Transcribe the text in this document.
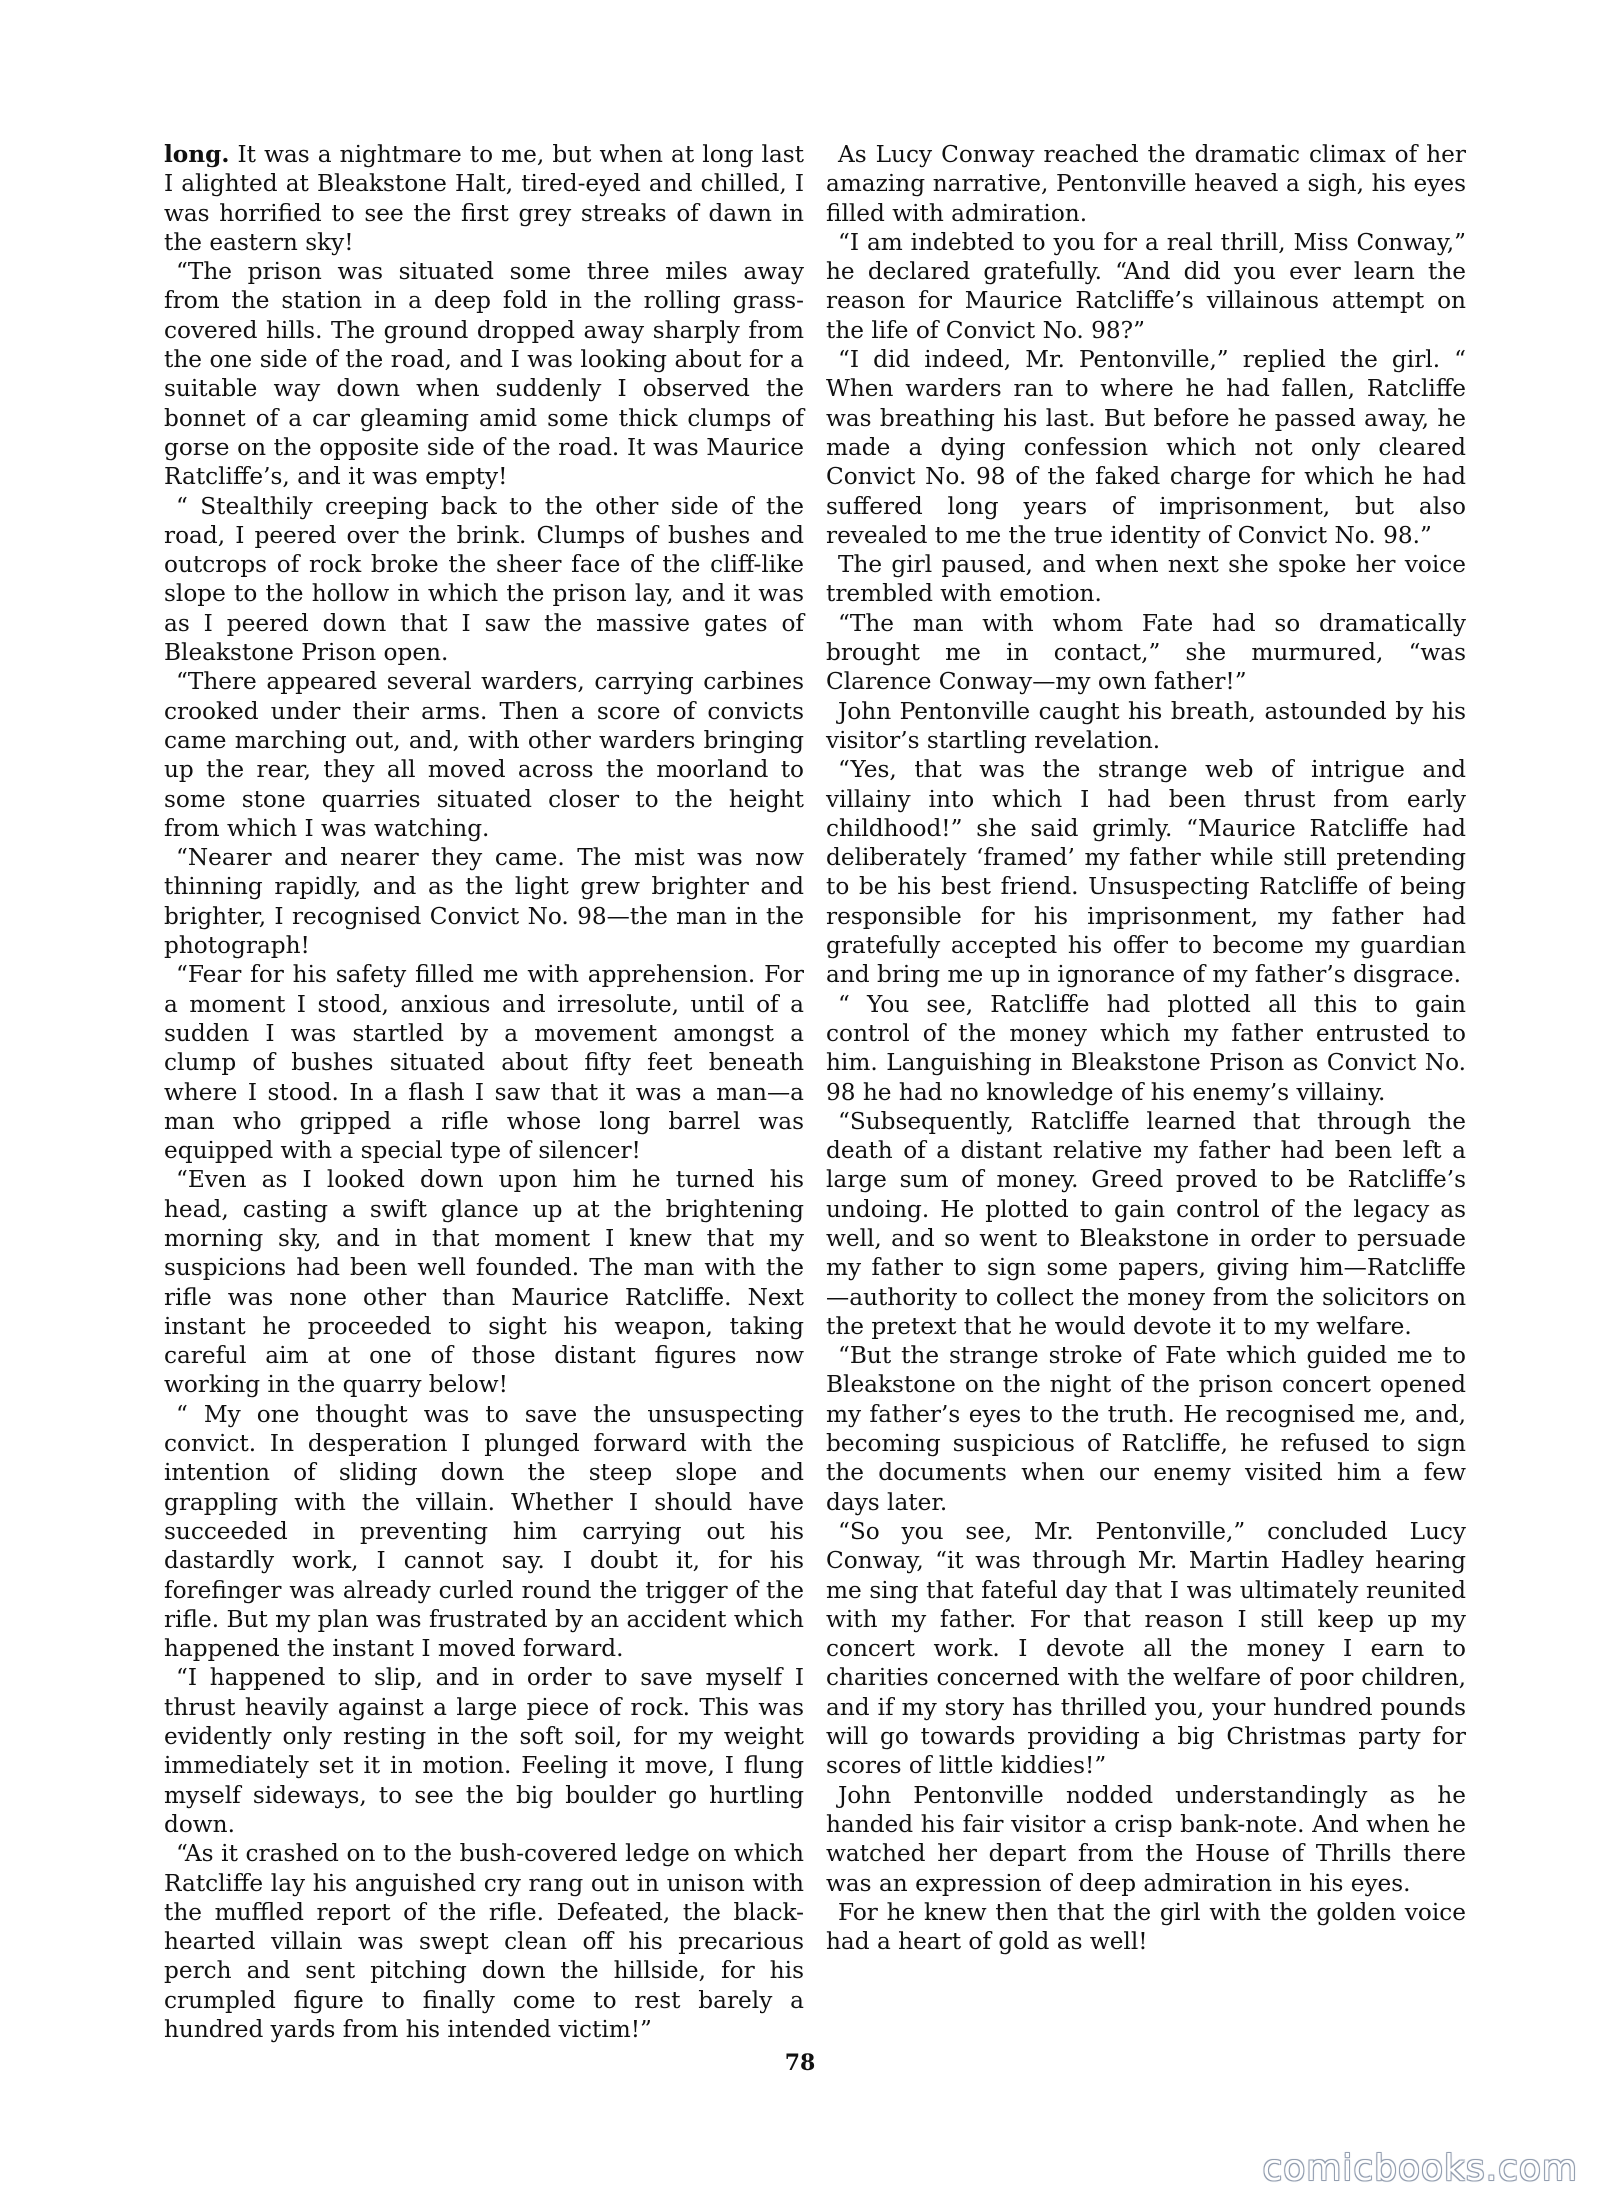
long. It was a nightmare to me, but when at long last I alighted at Bleakstone Halt, tired-eyed and chilled, I was horrified to see the first grey streaks of dawn in the eastern sky!

“The prison was situated some three miles away from the station in a deep fold in the rolling grass-covered hills. The ground dropped away sharply from the one side of the road, and I was looking about for a suitable way down when suddenly I observed the bonnet of a car gleaming amid some thick clumps of gorse on the opposite side of the road. It was Maurice Ratcliffe’s, and it was empty!

“ Stealthily creeping back to the other side of the road, I peered over the brink. Clumps of bushes and outcrops of rock broke the sheer face of the cliff-like slope to the hollow in which the prison lay, and it was as I peered down that I saw the massive gates of Bleakstone Prison open.

“There appeared several warders, carrying carbines crooked under their arms. Then a score of convicts came marching out, and, with other warders bringing up the rear, they all moved across the moorland to some stone quarries situated closer to the height from which I was watching.

“Nearer and nearer they came. The mist was now thinning rapidly, and as the light grew brighter and brighter, I recognised Convict No. 98—the man in the photograph!

“Fear for his safety filled me with apprehension. For a moment I stood, anxious and irresolute, until of a sudden I was startled by a movement amongst a clump of bushes situated about fifty feet beneath where I stood. In a flash I saw that it was a man—a man who gripped a rifle whose long barrel was equipped with a special type of silencer!

“Even as I looked down upon him he turned his head, casting a swift glance up at the brightening morning sky, and in that moment I knew that my suspicions had been well founded. The man with the rifle was none other than Maurice Ratcliffe. Next instant he proceeded to sight his weapon, taking careful aim at one of those distant figures now working in the quarry below!

“ My one thought was to save the unsuspecting convict. In desperation I plunged forward with the intention of sliding down the steep slope and grappling with the villain. Whether I should have succeeded in preventing him carrying out his dastardly work, I cannot say. I doubt it, for his forefinger was already curled round the trigger of the rifle. But my plan was frustrated by an accident which happened the instant I moved forward.

“I happened to slip, and in order to save myself I thrust heavily against a large piece of rock. This was evidently only resting in the soft soil, for my weight immediately set it in motion. Feeling it move, I flung myself sideways, to see the big boulder go hurtling down.

“As it crashed on to the bush-covered ledge on which Ratcliffe lay his anguished cry rang out in unison with the muffled report of the rifle. Defeated, the black-hearted villain was swept clean off his precarious perch and sent pitching down the hillside, for his crumpled figure to finally come to rest barely a hundred yards from his intended victim!”

As Lucy Conway reached the dramatic climax of her amazing narrative, Pentonville heaved a sigh, his eyes filled with admiration.

“I am indebted to you for a real thrill, Miss Conway,” he declared gratefully. “And did you ever learn the reason for Maurice Ratcliffe’s villainous attempt on the life of Convict No. 98?”

“I did indeed, Mr. Pentonville,” replied the girl. “ When warders ran to where he had fallen, Ratcliffe was breathing his last. But before he passed away, he made a dying confession which not only cleared Convict No. 98 of the faked charge for which he had suffered long years of imprisonment, but also revealed to me the true identity of Convict No. 98.”

The girl paused, and when next she spoke her voice trembled with emotion.

“The man with whom Fate had so dramatically brought me in contact,” she murmured, “was Clarence Conway—my own father!”

John Pentonville caught his breath, astounded by his visitor’s startling revelation.

“Yes, that was the strange web of intrigue and villainy into which I had been thrust from early childhood!” she said grimly. “Maurice Ratcliffe had deliberately ‘framed’ my father while still pretending to be his best friend. Unsuspecting Ratcliffe of being responsible for his imprisonment, my father had gratefully accepted his offer to become my guardian and bring me up in ignorance of my father’s disgrace.

“ You see, Ratcliffe had plotted all this to gain control of the money which my father entrusted to him. Languishing in Bleakstone Prison as Convict No. 98 he had no knowledge of his enemy’s villainy.

“Subsequently, Ratcliffe learned that through the death of a distant relative my father had been left a large sum of money. Greed proved to be Ratcliffe’s undoing. He plotted to gain control of the legacy as well, and so went to Bleakstone in order to persuade my father to sign some papers, giving him—Ratcliffe—authority to collect the money from the solicitors on the pretext that he would devote it to my welfare.

“But the strange stroke of Fate which guided me to Bleakstone on the night of the prison concert opened my father’s eyes to the truth. He recognised me, and, becoming suspicious of Ratcliffe, he refused to sign the documents when our enemy visited him a few days later.

“So you see, Mr. Pentonville,” concluded Lucy Conway, “it was through Mr. Martin Hadley hearing me sing that fateful day that I was ultimately reunited with my father. For that reason I still keep up my concert work. I devote all the money I earn to charities concerned with the welfare of poor children, and if my story has thrilled you, your hundred pounds will go towards providing a big Christmas party for scores of little kiddies!”

John Pentonville nodded understandingly as he handed his fair visitor a crisp bank-note. And when he watched her depart from the House of Thrills there was an expression of deep admiration in his eyes.

For he knew then that the girl with the golden voice had a heart of gold as well!

78
comicbooks.com
